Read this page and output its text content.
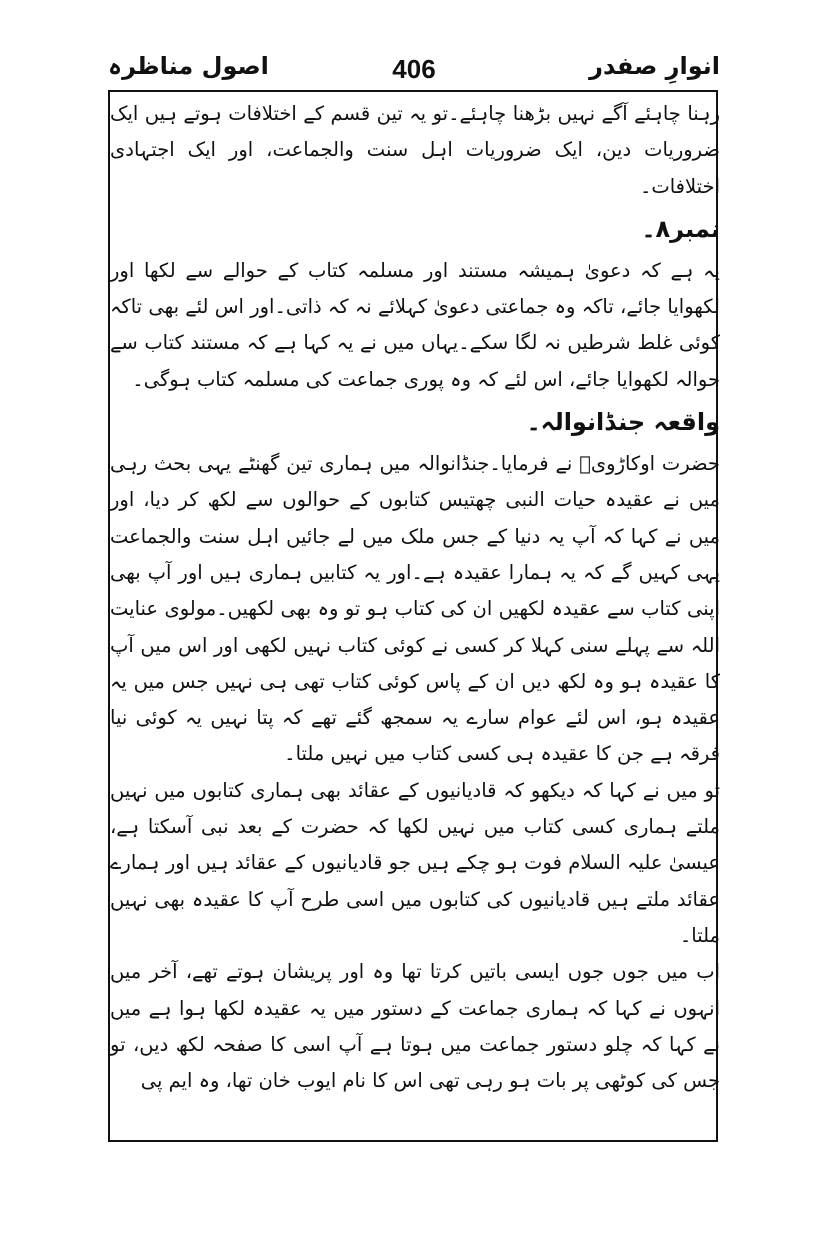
انوارِ صفدر
406
اصول مناظرہ

رہنا چاہئے آگے نہیں بڑھنا چاہئے۔تو یہ تین قسم کے اختلافات ہوتے ہیں ایک ضروریات دین، ایک ضروریات اہل سنت والجماعت، اور ایک اجتہادی اختلافات۔

نمبر۸۔

یہ ہے کہ دعویٰ ہمیشہ مستند اور مسلمہ کتاب کے حوالے سے لکھا اور لکھوایا جائے، تاکہ وہ جماعتی دعویٰ کہلائے نہ کہ ذاتی۔اور اس لئے بھی تاکہ کوئی غلط شرطیں نہ لگا سکے۔یہاں میں نے یہ کہا ہے کہ مستند کتاب سے حوالہ لکھوایا جائے، اس لئے کہ وہ پوری جماعت کی مسلمہ کتاب ہوگی۔

واقعہ جنڈانوالہ۔

حضرت اوکاڑویؒ نے فرمایا۔جنڈانوالہ میں ہماری تین گھنٹے یہی بحث رہی میں نے عقیدہ حیات النبی چھتیس کتابوں کے حوالوں سے لکھ کر دیا، اور میں نے کہا کہ آپ یہ دنیا کے جس ملک میں لے جائیں اہل سنت والجماعت یہی کہیں گے کہ یہ ہمارا عقیدہ ہے۔اور یہ کتابیں ہماری ہیں اور آپ بھی اپنی کتاب سے عقیدہ لکھیں ان کی کتاب ہو تو وہ بھی لکھیں۔مولوی عنایت اللہ سے پہلے سنی کہلا کر کسی نے کوئی کتاب نہیں لکھی اور اس میں آپ کا عقیدہ ہو وہ لکھ دیں ان کے پاس کوئی کتاب تھی ہی نہیں جس میں یہ عقیدہ ہو، اس لئے عوام سارے یہ سمجھ گئے تھے کہ پتا نہیں یہ کوئی نیا فرقہ ہے جن کا عقیدہ ہی کسی کتاب میں نہیں ملتا۔

تو میں نے کہا کہ دیکھو کہ قادیانیوں کے عقائد بھی ہماری کتابوں میں نہیں ملتے ہماری کسی کتاب میں نہیں لکھا کہ حضرت کے بعد نبی آسکتا ہے، عیسیٰ علیہ السلام فوت ہو چکے ہیں جو قادیانیوں کے عقائد ہیں اور ہمارے عقائد ملتے ہیں قادیانیوں کی کتابوں میں اسی طرح آپ کا عقیدہ بھی نہیں ملتا۔

اب میں جوں جوں ایسی باتیں کرتا تھا وہ اور پریشان ہوتے تھے، آخر میں انہوں نے کہا کہ ہماری جماعت کے دستور میں یہ عقیدہ لکھا ہوا ہے میں نے کہا کہ چلو دستور جماعت میں ہوتا ہے آپ اسی کا صفحہ لکھ دیں، تو جس کی کوٹھی پر بات ہو رہی تھی اس کا نام ایوب خان تھا، وہ ایم پی
